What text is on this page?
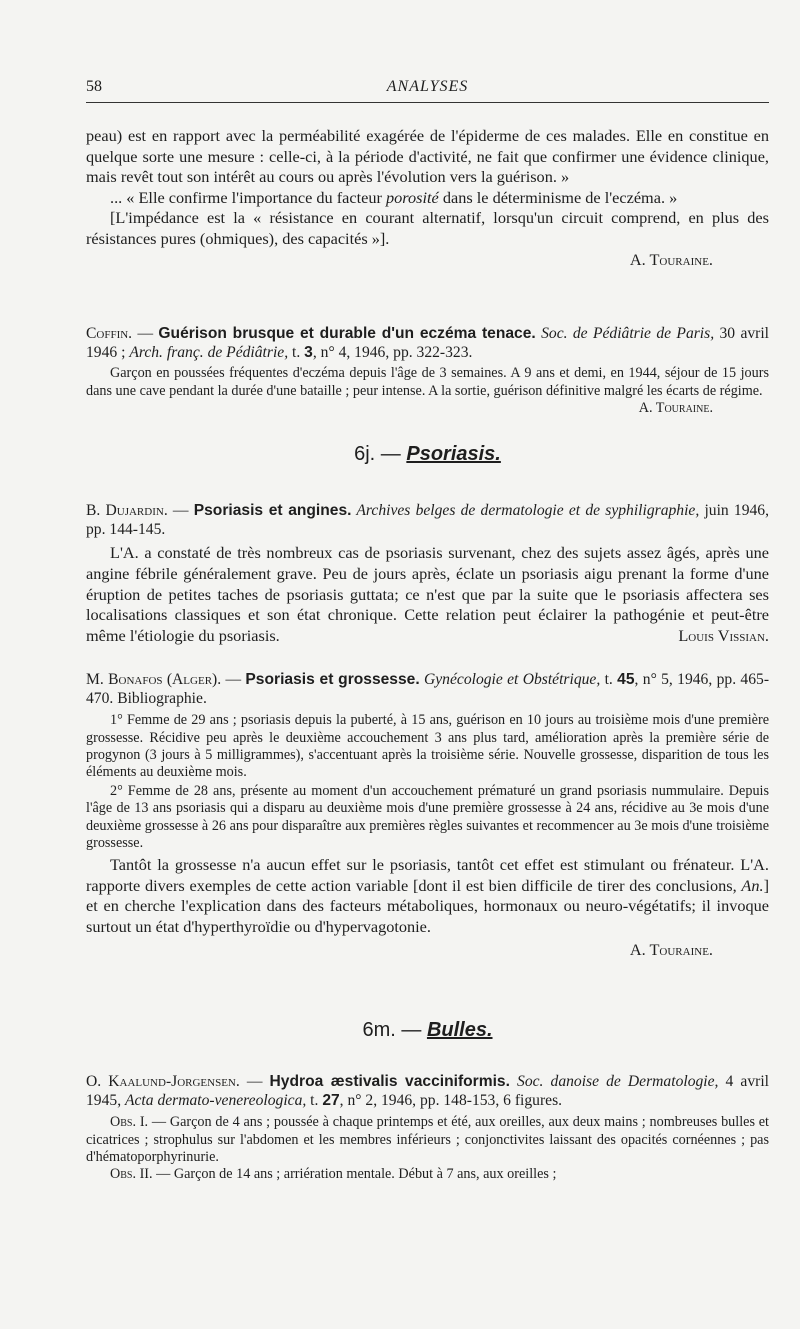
58	ANALYSES

peau) est en rapport avec la perméabilité exagérée de l'épiderme de ces malades. Elle en constitue en quelque sorte une mesure : celle-ci, à la période d'activité, ne fait que confirmer une évidence clinique, mais revêt tout son intérêt au cours ou après l'évolution vers la guérison. »

... « Elle confirme l'importance du facteur porosité dans le déterminisme de l'eczéma. »

[L'impédance est la « résistance en courant alternatif, lorsqu'un circuit comprend, en plus des résistances pures (ohmiques), des capacités »].

A. Touraine.

Coffin. — Guérison brusque et durable d'un eczéma tenace. Soc. de Pédiâtrie de Paris, 30 avril 1946 ; Arch. franç. de Pédiâtrie, t. 3, n° 4, 1946, pp. 322-323.

Garçon en poussées fréquentes d'eczéma depuis l'âge de 3 semaines. A 9 ans et demi, en 1944, séjour de 15 jours dans une cave pendant la durée d'une bataille ; peur intense. A la sortie, guérison définitive malgré les écarts de régime.

A. Touraine.

6j. — Psoriasis.

B. Dujardin. — Psoriasis et angines. Archives belges de dermatologie et de syphiligraphie, juin 1946, pp. 144-145.

L'A. a constaté de très nombreux cas de psoriasis survenant, chez des sujets assez âgés, après une angine fébrile généralement grave. Peu de jours après, éclate un psoriasis aigu prenant la forme d'une éruption de petites taches de psoriasis guttata; ce n'est que par la suite que le psoriasis affectera ses localisations classiques et son état chronique. Cette relation peut éclairer la pathogénie et peut-être même l'étiologie du psoriasis.	Louis Vissian.

M. Bonafos (Alger). — Psoriasis et grossesse. Gynécologie et Obstétrique, t. 45, n° 5, 1946, pp. 465-470. Bibliographie.

1° Femme de 29 ans ; psoriasis depuis la puberté, à 15 ans, guérison en 10 jours au troisième mois d'une première grossesse. Récidive peu après le deuxième accouchement 3 ans plus tard, amélioration après la première série de progynon (3 jours à 5 milligrammes), s'accentuant après la troisième série. Nouvelle grossesse, disparition de tous les éléments au deuxième mois.

2° Femme de 28 ans, présente au moment d'un accouchement prématuré un grand psoriasis nummulaire. Depuis l'âge de 13 ans psoriasis qui a disparu au deuxième mois d'une première grossesse à 24 ans, récidive au 3e mois d'une deuxième grossesse à 26 ans pour disparaître aux premières règles suivantes et recommencer au 3e mois d'une troisième grossesse.

Tantôt la grossesse n'a aucun effet sur le psoriasis, tantôt cet effet est stimulant ou frénateur. L'A. rapporte divers exemples de cette action variable [dont il est bien difficile de tirer des conclusions, An.] et en cherche l'explication dans des facteurs métaboliques, hormonaux ou neuro-végétatifs; il invoque surtout un état d'hyperthyroïdie ou d'hypervagotonie.

A. Touraine.

6m. — Bulles.

O. Kaalund-Jorgensen. — Hydroa æstivalis vacciniformis. Soc. danoise de Dermatologie, 4 avril 1945, Acta dermato-venereologica, t. 27, n° 2, 1946, pp. 148-153, 6 figures.

Obs. I. — Garçon de 4 ans ; poussée à chaque printemps et été, aux oreilles, aux deux mains ; nombreuses bulles et cicatrices ; strophulus sur l'abdomen et les membres inférieurs ; conjonctivites laissant des opacités cornéennes ; pas d'hématoporphyrinurie.

Obs. II. — Garçon de 14 ans ; arriération mentale. Début à 7 ans, aux oreilles ;
